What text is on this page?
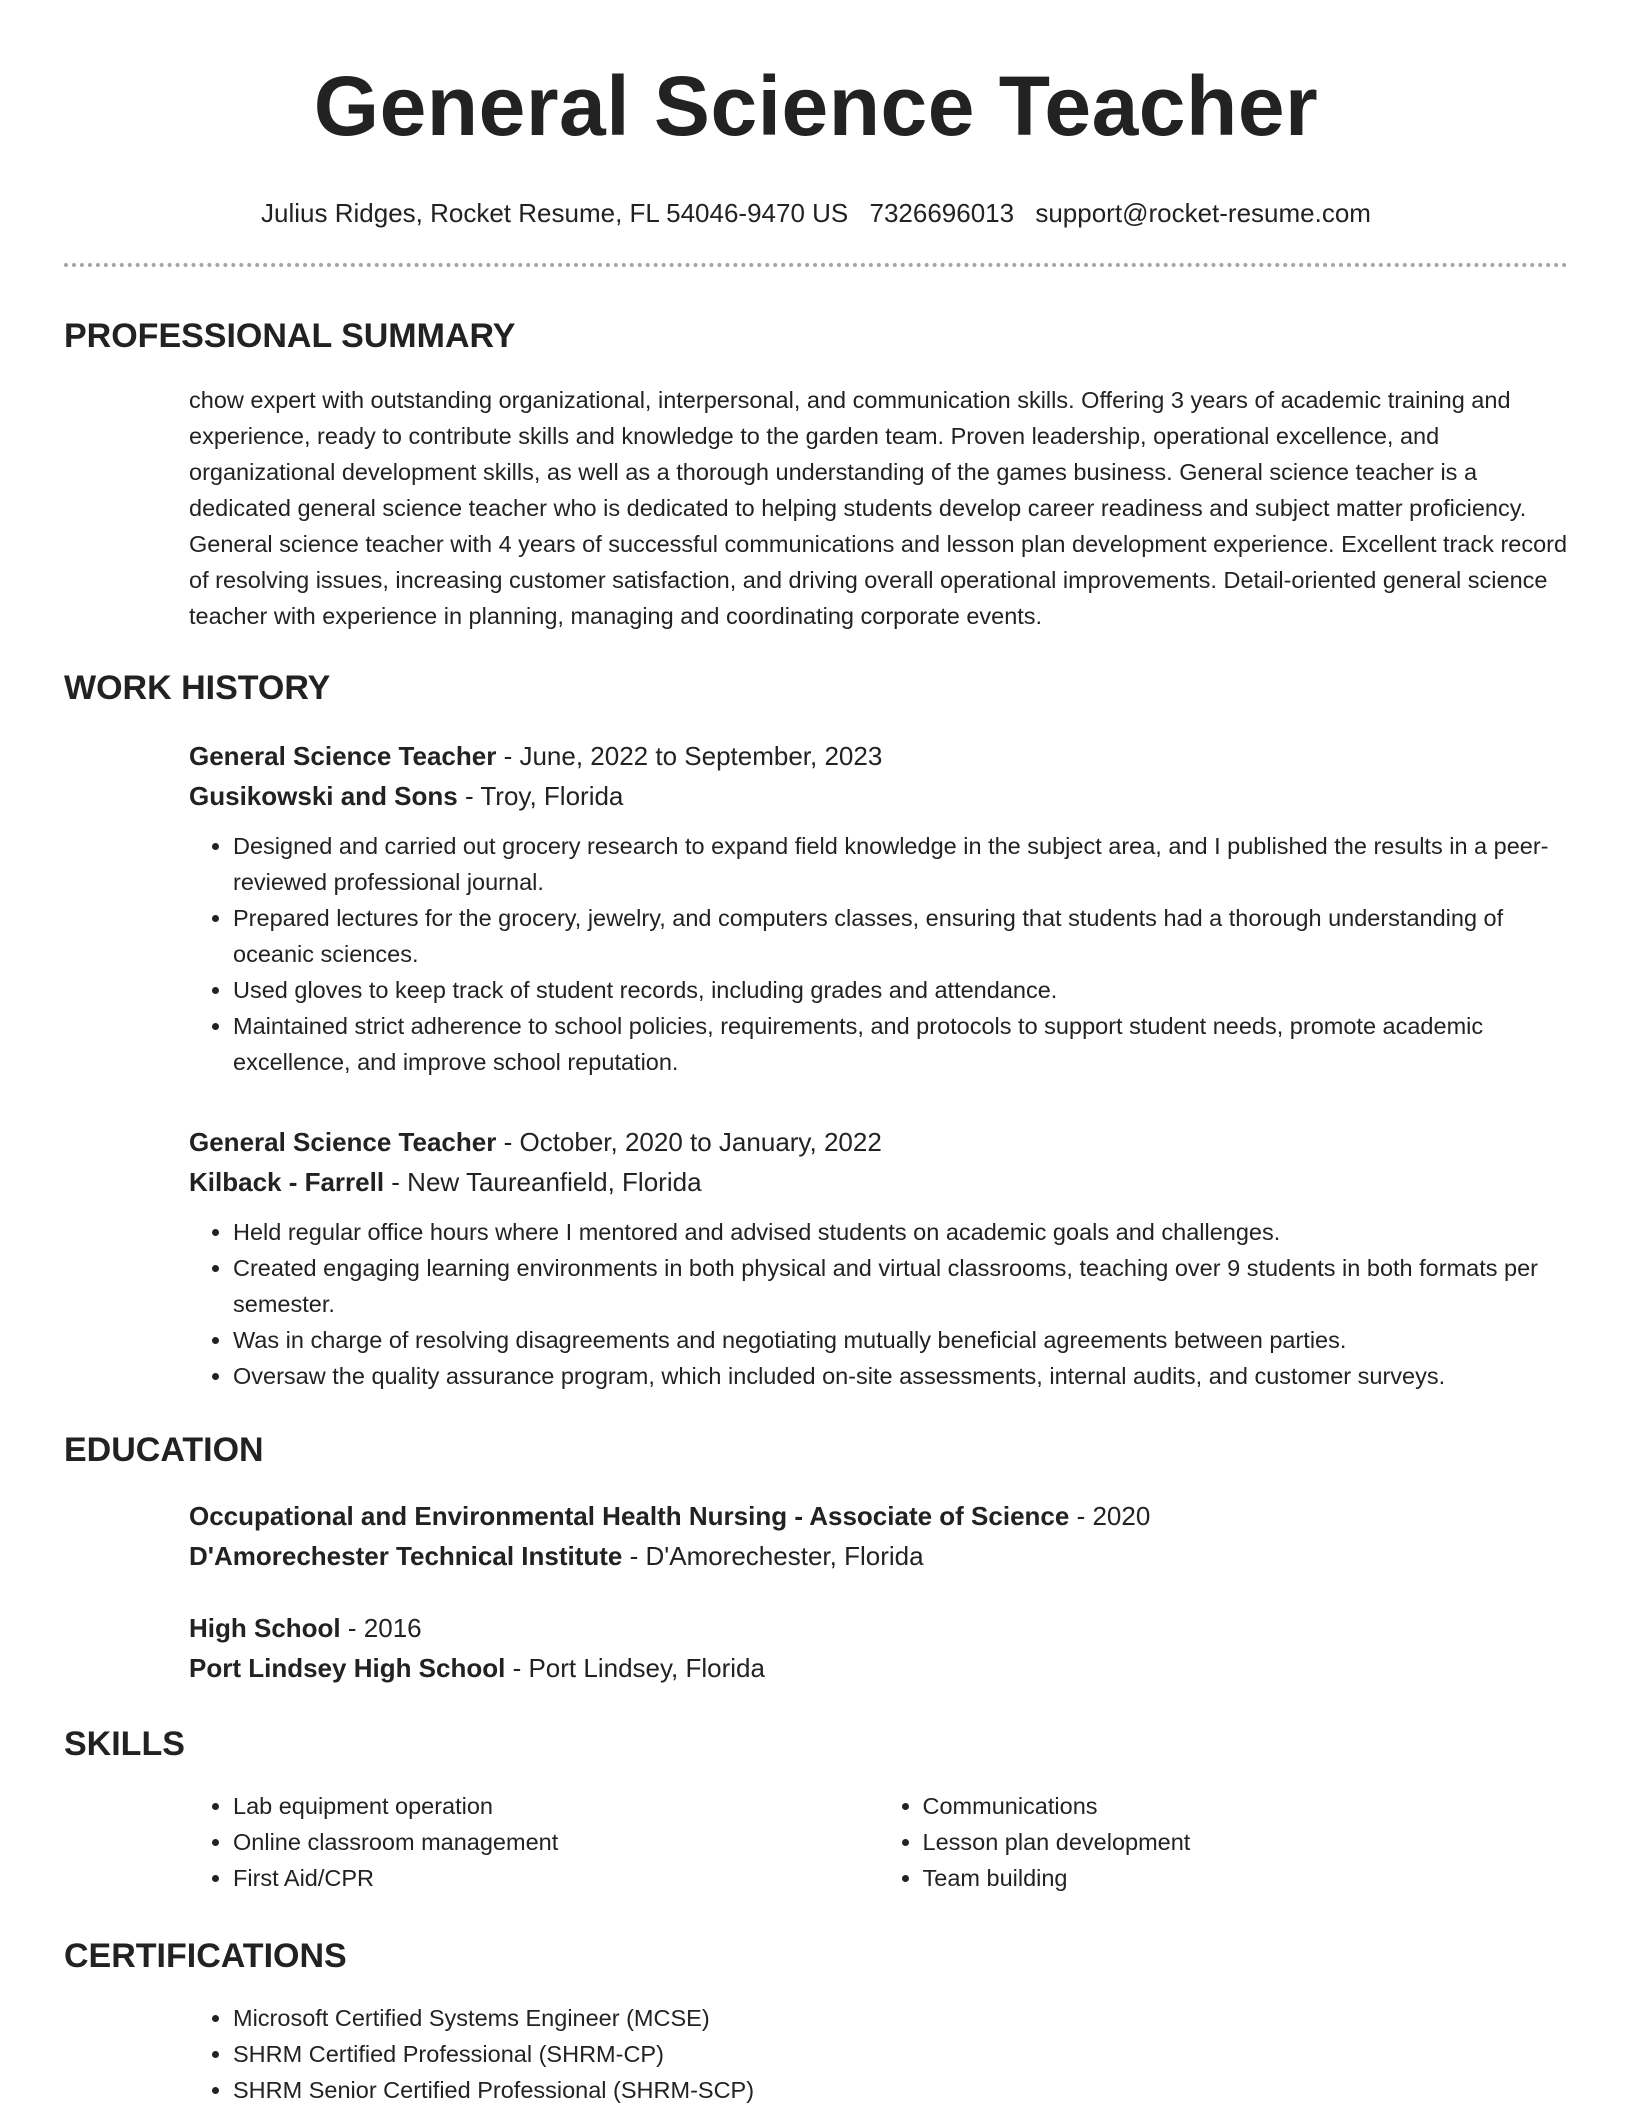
General Science Teacher
Julius Ridges, Rocket Resume, FL 54046-9470 US 7326696013 support@rocket-resume.com
PROFESSIONAL SUMMARY
chow expert with outstanding organizational, interpersonal, and communication skills. Offering 3 years of academic training and experience, ready to contribute skills and knowledge to the garden team. Proven leadership, operational excellence, and organizational development skills, as well as a thorough understanding of the games business. General science teacher is a dedicated general science teacher who is dedicated to helping students develop career readiness and subject matter proficiency. General science teacher with 4 years of successful communications and lesson plan development experience. Excellent track record of resolving issues, increasing customer satisfaction, and driving overall operational improvements. Detail-oriented general science teacher with experience in planning, managing and coordinating corporate events.
WORK HISTORY
General Science Teacher - June, 2022 to September, 2023
Gusikowski and Sons - Troy, Florida
• Designed and carried out grocery research to expand field knowledge in the subject area, and I published the results in a peer-reviewed professional journal.
• Prepared lectures for the grocery, jewelry, and computers classes, ensuring that students had a thorough understanding of oceanic sciences.
• Used gloves to keep track of student records, including grades and attendance.
• Maintained strict adherence to school policies, requirements, and protocols to support student needs, promote academic excellence, and improve school reputation.
General Science Teacher - October, 2020 to January, 2022
Kilback - Farrell - New Taureanfield, Florida
• Held regular office hours where I mentored and advised students on academic goals and challenges.
• Created engaging learning environments in both physical and virtual classrooms, teaching over 9 students in both formats per semester.
• Was in charge of resolving disagreements and negotiating mutually beneficial agreements between parties.
• Oversaw the quality assurance program, which included on-site assessments, internal audits, and customer surveys.
EDUCATION
Occupational and Environmental Health Nursing - Associate of Science - 2020
D'Amorechester Technical Institute - D'Amorechester, Florida
High School - 2016
Port Lindsey High School - Port Lindsey, Florida
SKILLS
• Lab equipment operation
• Online classroom management
• First Aid/CPR
• Communications
• Lesson plan development
• Team building
CERTIFICATIONS
• Microsoft Certified Systems Engineer (MCSE)
• SHRM Certified Professional (SHRM-CP)
• SHRM Senior Certified Professional (SHRM-SCP)
